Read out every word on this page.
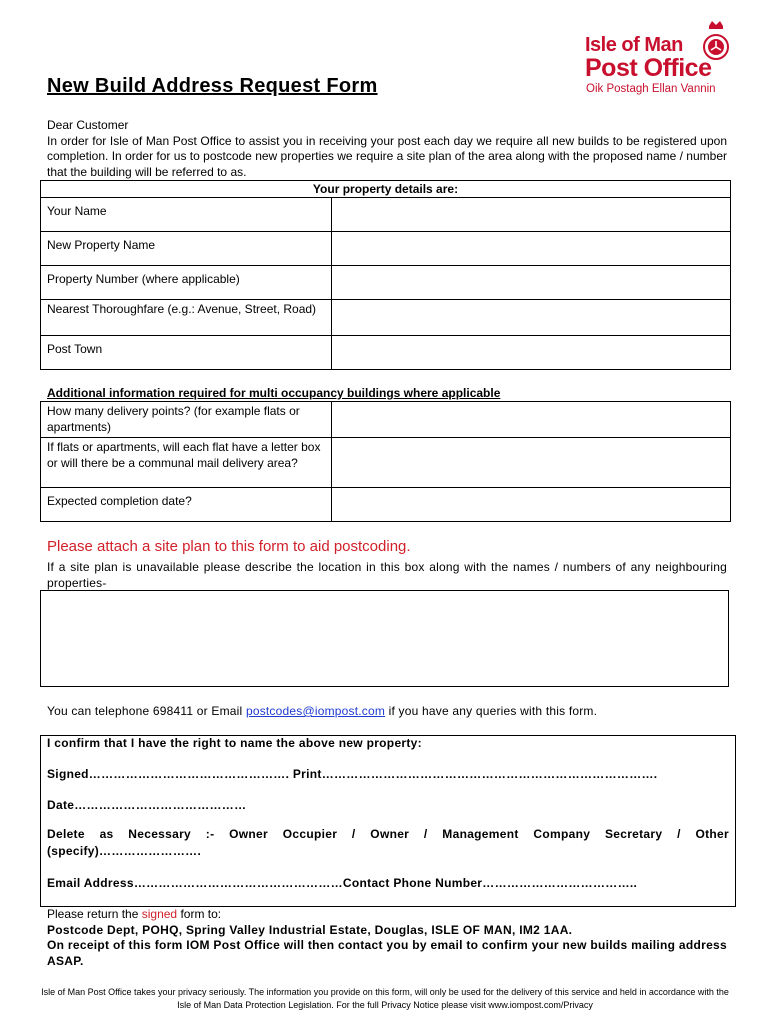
Isle of Man
Post Office
Oik Postagh Ellan Vannin
New Build Address Request Form

Dear Customer

In order for Isle of Man Post Office to assist you in receiving your post each day we require all new builds to be registered upon completion. In order for us to postcode new properties we require a site plan of the area along with the proposed name / number that the building will be referred to as.

Your property details are:	
Your Name	
New Property Name	
Property Number (where applicable)	
Nearest Thoroughfare (e.g.: Avenue, Street, Road)	
Post Town	
Additional information required for multi occupancy buildings where applicable
How many delivery points? (for example flats or apartments)	
If flats or apartments, will each flat have a letter box or will there be a communal mail delivery area?	
Expected completion date?	
Please attach a site plan to this form to aid postcoding.
If a site plan is unavailable please describe the location in this box along with the names / numbers of any neighbouring properties-
You can telephone 698411 or Email postcodes@iompost.com if you have any queries with this form.
I confirm that I have the right to name the above new property:
Signed…………………………………………. Print……………………………………………………………………….
Date……………………………………
Delete as Necessary :- Owner Occupier / Owner / Management Company Secretary / Other (specify)…………………….
Email Address……………………………………………Contact Phone Number………………………………..
Please return the signed form to:
Postcode Dept, POHQ, Spring Valley Industrial Estate, Douglas, ISLE OF MAN, IM2 1AA.
On receipt of this form IOM Post Office will then contact you by email to confirm your new builds mailing address ASAP.
Isle of Man Post Office takes your privacy seriously. The information you provide on this form, will only be used for the delivery of this service and held in accordance with the Isle of Man Data Protection Legislation. For the full Privacy Notice please visit www.iompost.com/Privacy
